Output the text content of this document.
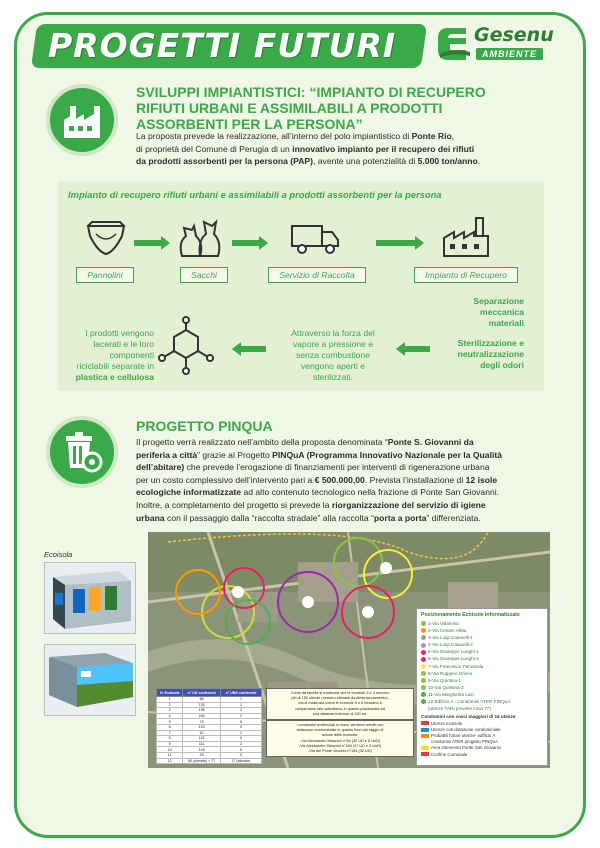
PROGETTI FUTURI	Gesenu
AMBIENTE
SVILUPPI IMPIANTISTICI: “IMPIANTO DI RECUPERO
RIFIUTI URBANI E ASSIMILABILI A PRODOTTI
ASSORBENTI PER LA PERSONA”
La proposta prevede la realizzazione, all’interno del polo impiantistico di Ponte Rio,
di proprietà del Comune di Perugia di un innovativo impianto per il recupero dei rifiuti
da prodotti assorbenti per la persona (PAP), avente una potenzialità di 5.000 ton/anno.
Impianto di recupero rifiuti urbani e assimilabili a prodotti assorbenti per la persona
Pannolini	Sacchi	Servizio di Raccolta	Impianto di Recupero
Separazione
meccanica
materiali
Sterilizzazione e
neutralizzazione
degli odori
Attraverso la forza del
vapore a pressione e
senza combustione
vengono aperti e
sterilizzati.
I prodotti vengono
lacerati e le loro
componenti
riciclabili separate in
plastica e cellulosa
PROGETTO PINQUA
Il progetto verrà realizzato nell’ambito della proposta denominata “Ponte S. Giovanni da
periferia a città” grazie al Progetto PINQuA (Programma Innovativo Nazionale per la Qualità
dell’abitare) che prevede l’erogazione di finanziamenti per interventi di rigenerazione urbana
per un costo complessivo dell’intervento pari a € 500.000,00. Prevista l’installazione di 12 isole
ecologiche informatizzate ad alto contenuto tecnologico nella frazione di Ponte San Giovanni.
Inoltre, a completamento del progetto si prevede la riorganizzazione del servizio di igiene
urbana con il passaggio dalla “raccolta stradale” alla raccolta “porta a porta” differenziata.
Ecoisola
N. Ecoisola	n° UD conferenti	n° UND conferenti
1	66	1
2	135	1
3	198	2
4	160	2
5	75	6
6	133	0
7	62	1
8	102	0
9	111	2
10	105	5
11	93	5
12	60 (stimate) + 77	17 (stimate)
Come da tabella si evidenzia che le ecoisole 3 e 4 servono
più di 150 utenze (numero ottimale da dimensionamento),
ma si evidenzia come le ecoisole 5 e 6 riescano a
compensare tale sottostima, in quanto posizionate ad
una distanza inferiore di 150 mt.
I condomini evidenziati in rosso verranno serviti con
dotazione condominiale in quanto fuori dal raggio di
azione delle ecoisole:
-Via Alessandro Manzoni n°84 (32 UD e 8 UnD)
-Via Alessandro Manzoni n°164 (37 UD e 2 UnD)
-Via del Ponte Vecchio n°154 (32 UD)
Posizionamento Ecoisole Informatizzate
1-Via Valamnia
2-Via Cesare Abba
3-Via Luigi Catanelli-1
4-Via Luigi Catanelli-2
5-Via Giuseppe Lunghi-1
6-Via Giuseppe Lunghi-2
7-Via Francesco Panzarola
8-Via Ruggero Grieco
9-Via Quintina-1
10-Via Quintina-2
11-Via Margherita Lazi
12-Edificio A - Condomini ATER PINQuA
(utenze TARI previste circa 77)
Condomini con civici maggiori di 15 utenze
Utenze ecoisole
Utenze con dotazione condominiale
Probabili future utenze- edificio A
condomini ATER progetto PINQuA
Area intervento Ponte San Giovanni
Confine Comunale
